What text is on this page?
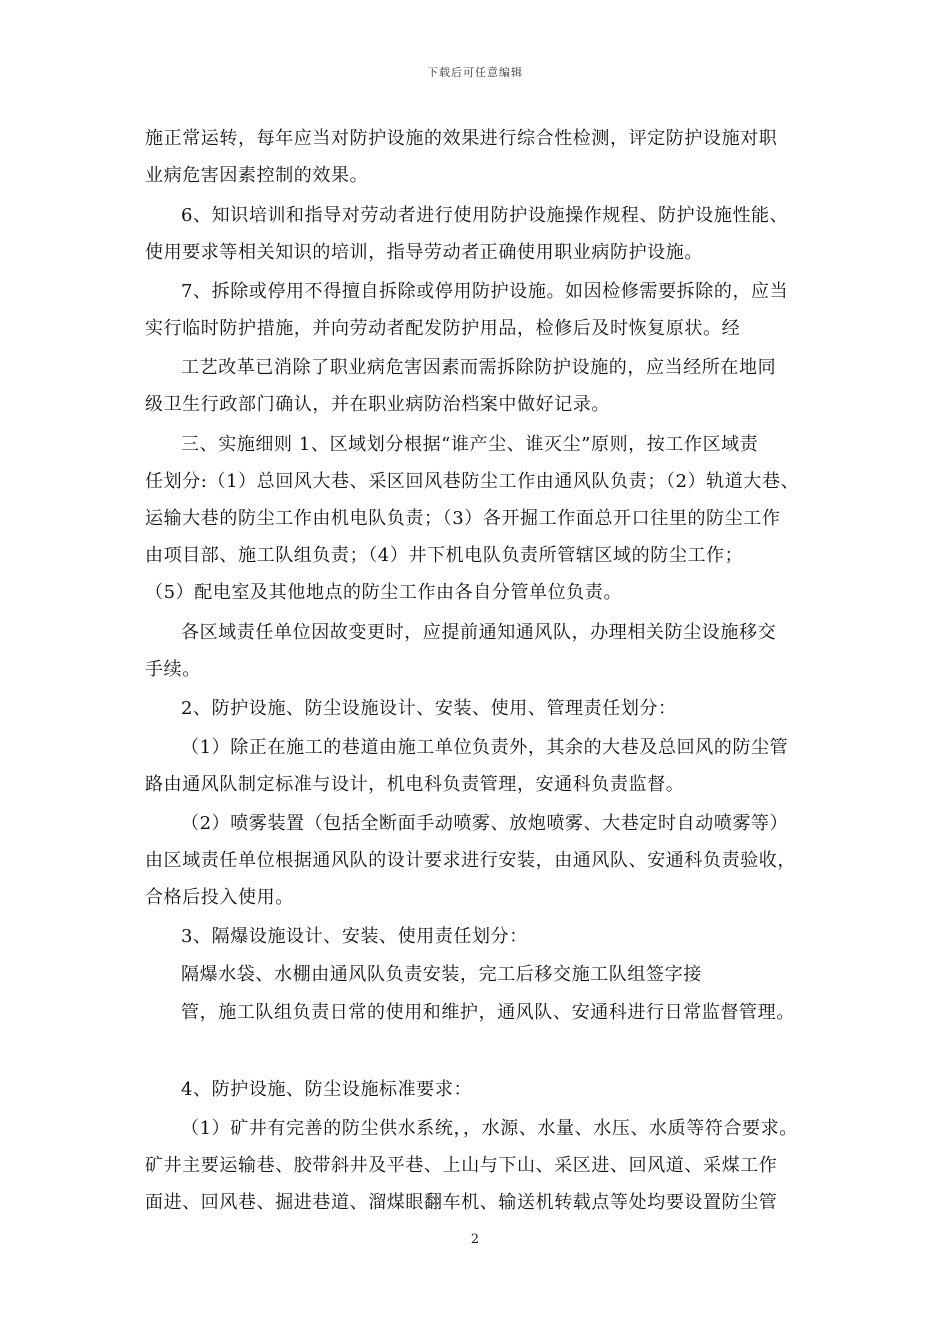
下载后可任意编辑
施正常运转，每年应当对防护设施的效果进行综合性检测，评定防护设施对职
业病危害因素控制的效果。
6、知识培训和指导对劳动者进行使用防护设施操作规程、防护设施性能、
使用要求等相关知识的培训，指导劳动者正确使用职业病防护设施。
7、拆除或停用不得擅自拆除或停用防护设施。如因检修需要拆除的，应当
实行临时防护措施，并向劳动者配发防护用品，检修后及时恢复原状。经
工艺改革已消除了职业病危害因素而需拆除防护设施的，应当经所在地同
级卫生行政部门确认，并在职业病防治档案中做好记录。
三、实施细则 1、区域划分根据“谁产尘、谁灭尘”原则，按工作区域责
任划分:（1）总回风大巷、采区回风巷防尘工作由通风队负责；（2）轨道大巷、
运输大巷的防尘工作由机电队负责；（3）各开掘工作面总开口往里的防尘工作
由项目部、施工队组负责；（4）井下机电队负责所管辖区域的防尘工作；
（5）配电室及其他地点的防尘工作由各自分管单位负责。
各区域责任单位因故变更时，应提前通知通风队，办理相关防尘设施移交
手续。
2、防护设施、防尘设施设计、安装、使用、管理责任划分：
（1）除正在施工的巷道由施工单位负责外，其余的大巷及总回风的防尘管
路由通风队制定标准与设计，机电科负责管理，安通科负责监督。
（2）喷雾装置（包括全断面手动喷雾、放炮喷雾、大巷定时自动喷雾等）
由区域责任单位根据通风队的设计要求进行安装，由通风队、安通科负责验收，
合格后投入使用。
3、隔爆设施设计、安装、使用责任划分：
隔爆水袋、水棚由通风队负责安装，完工后移交施工队组签字接
管，施工队组负责日常的使用和维护，通风队、安通科进行日常监督管理。
4、防护设施、防尘设施标准要求：
（1）矿井有完善的防尘供水系统，，水源、水量、水压、水质等符合要求。
矿井主要运输巷、胶带斜井及平巷、上山与下山、采区进、回风道、采煤工作
面进、回风巷、掘进巷道、溜煤眼翻车机、输送机转载点等处均要设置防尘管
2
